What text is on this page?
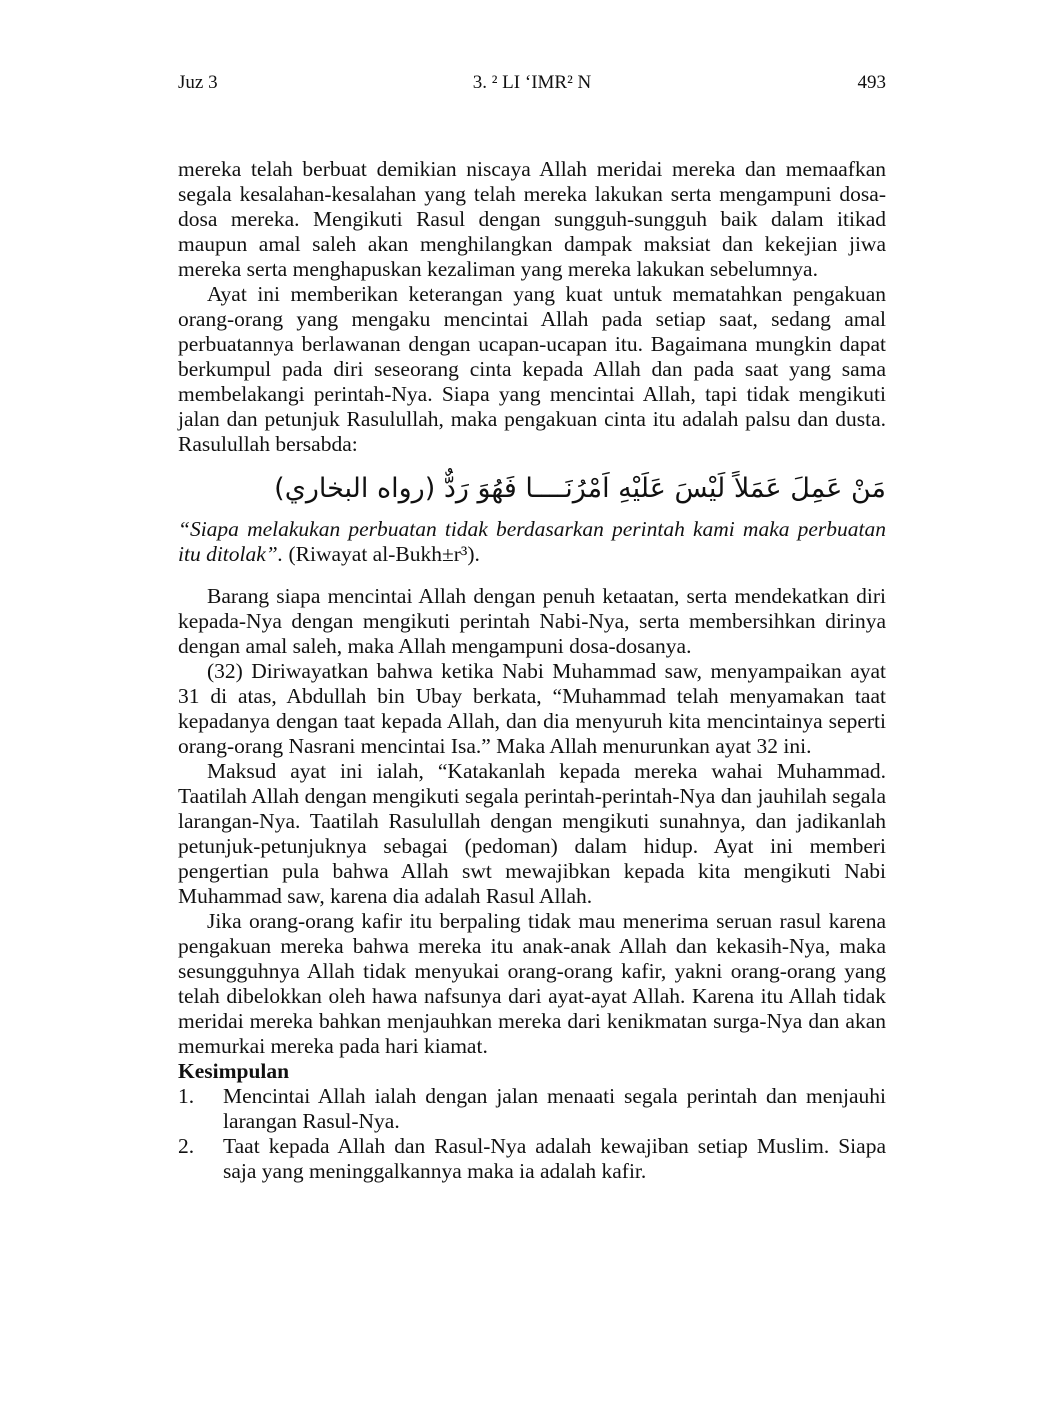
Juz 3	3. ² LI ‘IMR² N	493

mereka telah berbuat demikian niscaya Allah meridai mereka dan memaafkan segala kesalahan-kesalahan yang telah mereka lakukan serta mengampuni dosa-dosa mereka. Mengikuti Rasul dengan sungguh-sungguh baik dalam itikad maupun amal saleh akan menghilangkan dampak maksiat dan kekejian jiwa mereka serta menghapuskan kezaliman yang mereka lakukan sebelumnya.

Ayat ini memberikan keterangan yang kuat untuk mematahkan pengakuan orang-orang yang mengaku mencintai Allah pada setiap saat, sedang amal perbuatannya berlawanan dengan ucapan-ucapan itu. Bagaimana mungkin dapat berkumpul pada diri seseorang cinta kepada Allah dan pada saat yang sama membelakangi perintah-Nya. Siapa yang mencintai Allah, tapi tidak mengikuti jalan dan petunjuk Rasulullah, maka pengakuan cinta itu adalah palsu dan dusta. Rasulullah bersabda:

مَنْ عَمِلَ عَمَلاً لَيْسَ عَلَيْهِ اَمْرُنَــــا فَهُوَ رَدٌّ (رواه البخاري)

“Siapa melakukan perbuatan tidak berdasarkan perintah kami maka perbuatan itu ditolak”. (Riwayat al-Bukh±r³).

Barang siapa mencintai Allah dengan penuh ketaatan, serta mendekatkan diri kepada-Nya dengan mengikuti perintah Nabi-Nya, serta membersihkan dirinya dengan amal saleh, maka Allah mengampuni dosa-dosanya.

(32) Diriwayatkan bahwa ketika Nabi Muhammad saw, menyampaikan ayat 31 di atas, Abdullah bin Ubay berkata, “Muhammad telah menyamakan taat kepadanya dengan taat kepada Allah, dan dia menyuruh kita mencintainya seperti orang-orang Nasrani mencintai Isa.” Maka Allah menurunkan ayat 32 ini.

Maksud ayat ini ialah, “Katakanlah kepada mereka wahai Muhammad. Taatilah Allah dengan mengikuti segala perintah-perintah-Nya dan jauhilah segala larangan-Nya. Taatilah Rasulullah dengan mengikuti sunahnya, dan jadikanlah petunjuk-petunjuknya sebagai (pedoman) dalam hidup. Ayat ini memberi pengertian pula bahwa Allah swt mewajibkan kepada kita mengikuti Nabi Muhammad saw, karena dia adalah Rasul Allah.

Jika orang-orang kafir itu berpaling tidak mau menerima seruan rasul karena pengakuan mereka bahwa mereka itu anak-anak Allah dan kekasih-Nya, maka sesungguhnya Allah tidak menyukai orang-orang kafir, yakni orang-orang yang telah dibelokkan oleh hawa nafsunya dari ayat-ayat Allah. Karena itu Allah tidak meridai mereka bahkan menjauhkan mereka dari kenikmatan surga-Nya dan akan memurkai mereka pada hari kiamat.

Kesimpulan

1. Mencintai Allah ialah dengan jalan menaati segala perintah dan menjauhi larangan Rasul-Nya.
2. Taat kepada Allah dan Rasul-Nya adalah kewajiban setiap Muslim. Siapa saja yang meninggalkannya maka ia adalah kafir.
